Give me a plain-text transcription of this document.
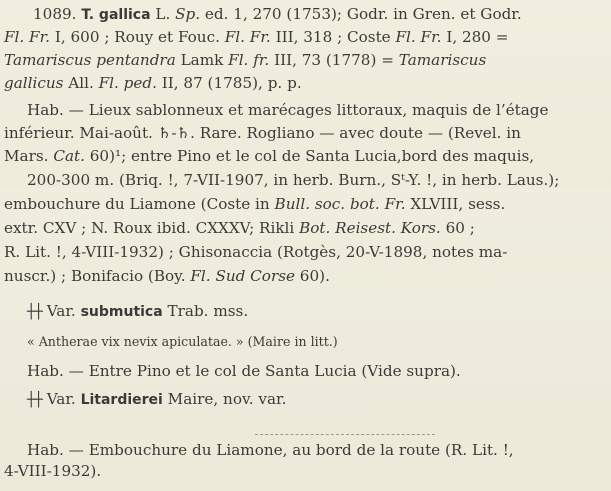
1089. T. gallica L. Sp. ed. 1, 270 (1753); Godr. in Gren. et Godr.
Fl. Fr. I, 600 ; Rouy et Fouc. Fl. Fr. III, 318 ; Coste Fl. Fr. I, 280 =
Tamariscus pentandra Lamk Fl. fr. III, 73 (1778) = Tamariscus
gallicus All. Fl. ped. II, 87 (1785), p. p.
Hab. — Lieux sablonneux et marécages littoraux, maquis de l’étage
inférieur. Mai-août. ♄-♄. Rare. Rogliano — avec doute — (Revel. in
Mars. Cat. 60)¹; entre Pino et le col de Santa Lucia,bord des maquis,
200-300 m. (Briq. !, 7-VII-1907, in herb. Burn., Sᵗ-Y. !, in herb. Laus.);
embouchure du Liamone (Coste in Bull. soc. bot. Fr. XLVIII, sess.
extr. CXV ; N. Roux ibid. CXXXV; Rikli Bot. Reisest. Kors. 60 ;
R. Lit. !, 4-VIII-1932) ; Ghisonaccia (Rotgès, 20-V-1898, notes ma-
nuscr.) ; Bonifacio (Boy. Fl. Sud Corse 60).
┼┼ Var. submutica Trab. mss.
« Antherae vix nevix apiculatae. » (Maire in litt.)
Hab. — Entre Pino et le col de Santa Lucia (Vide supra).
┼┼ Var. Litardierei Maire, nov. var.
Hab. — Embouchure du Liamone, au bord de la route (R. Lit. !,
4-VIII-1932).
